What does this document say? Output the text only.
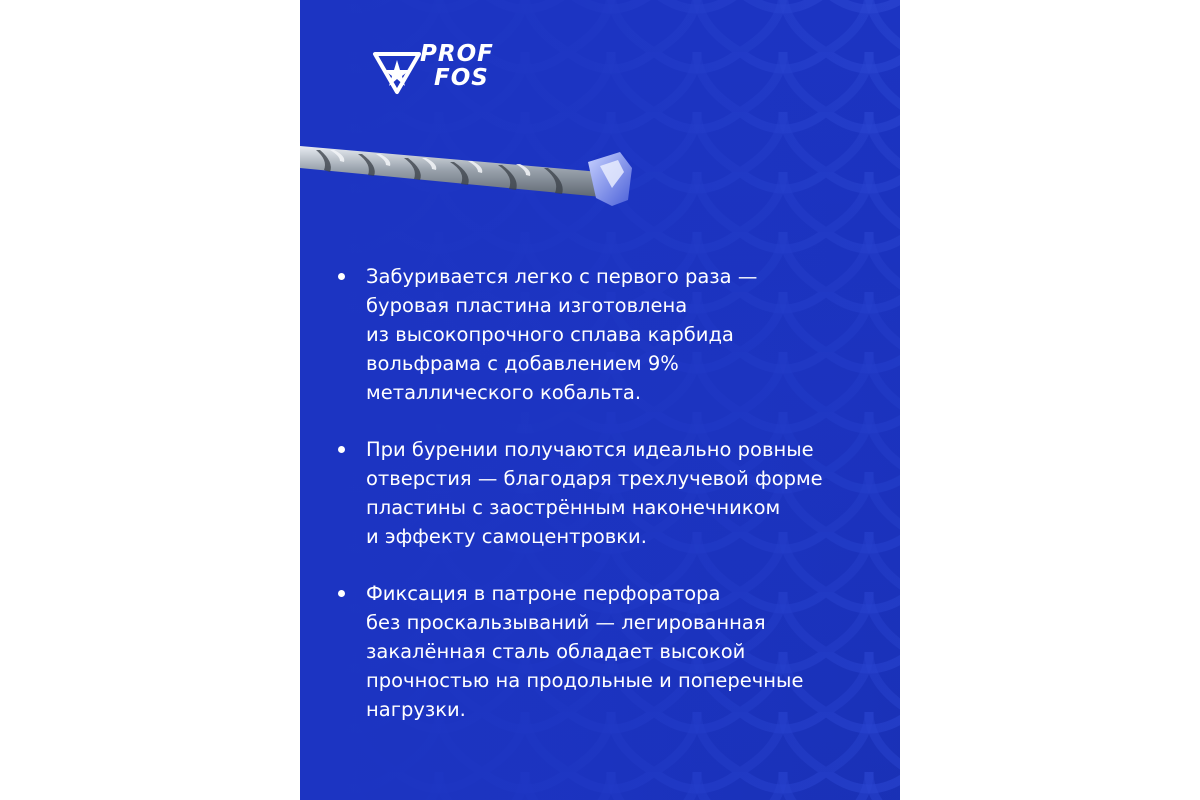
PROF
FOS
Забуривается легко с первого раза —
буровая пластина изготовлена
из высокопрочного сплава карбида
вольфрама с добавлением 9%
металлического кобальта.
При бурении получаются идеально ровные
отверстия — благодаря трехлучевой форме
пластины с заострённым наконечником
и эффекту самоцентровки.
Фиксация в патроне перфоратора
без проскальзываний — легированная
закалённая сталь обладает высокой
прочностью на продольные и поперечные
нагрузки.
